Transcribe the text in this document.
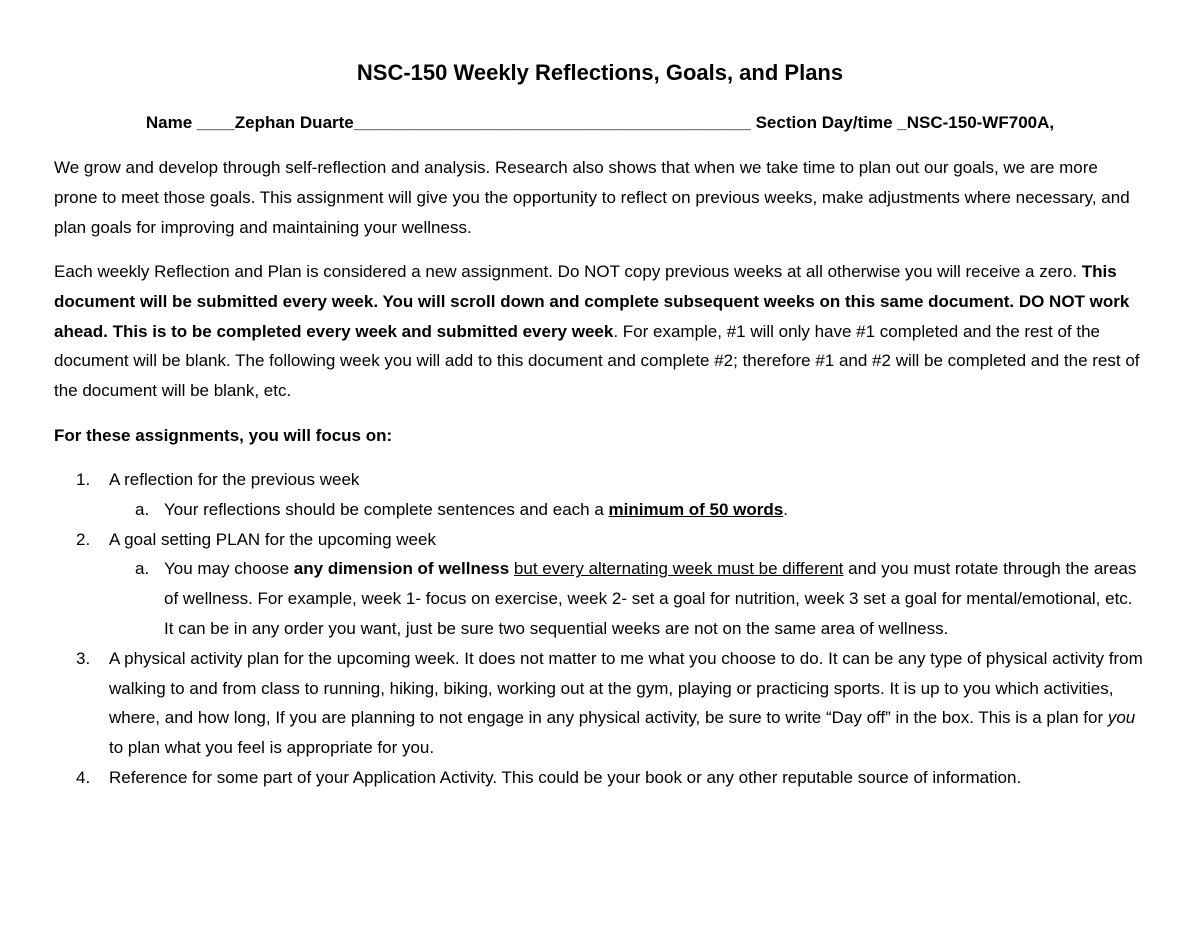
NSC-150 Weekly Reflections, Goals, and Plans
Name ____Zephan Duarte__________________________________________ Section Day/time _NSC-150-WF700A,

We grow and develop through self-reflection and analysis. Research also shows that when we take time to plan out our goals, we are more prone to meet those goals. This assignment will give you the opportunity to reflect on previous weeks, make adjustments where necessary, and plan goals for improving and maintaining your wellness.

Each weekly Reflection and Plan is considered a new assignment. Do NOT copy previous weeks at all otherwise you will receive a zero. This document will be submitted every week. You will scroll down and complete subsequent weeks on this same document. DO NOT work ahead. This is to be completed every week and submitted every week. For example, #1 will only have #1 completed and the rest of the document will be blank. The following week you will add to this document and complete #2; therefore #1 and #2 will be completed and the rest of the document will be blank, etc.

For these assignments, you will focus on:
1. A reflection for the previous week
a. Your reflections should be complete sentences and each a minimum of 50 words.
2. A goal setting PLAN for the upcoming week
a. You may choose any dimension of wellness but every alternating week must be different and you must rotate through the areas of wellness. For example, week 1- focus on exercise, week 2- set a goal for nutrition, week 3 set a goal for mental/emotional, etc. It can be in any order you want, just be sure two sequential weeks are not on the same area of wellness.
3. A physical activity plan for the upcoming week. It does not matter to me what you choose to do. It can be any type of physical activity from walking to and from class to running, hiking, biking, working out at the gym, playing or practicing sports. It is up to you which activities, where, and how long, If you are planning to not engage in any physical activity, be sure to write “Day off” in the box. This is a plan for you to plan what you feel is appropriate for you.
4. Reference for some part of your Application Activity. This could be your book or any other reputable source of information.
